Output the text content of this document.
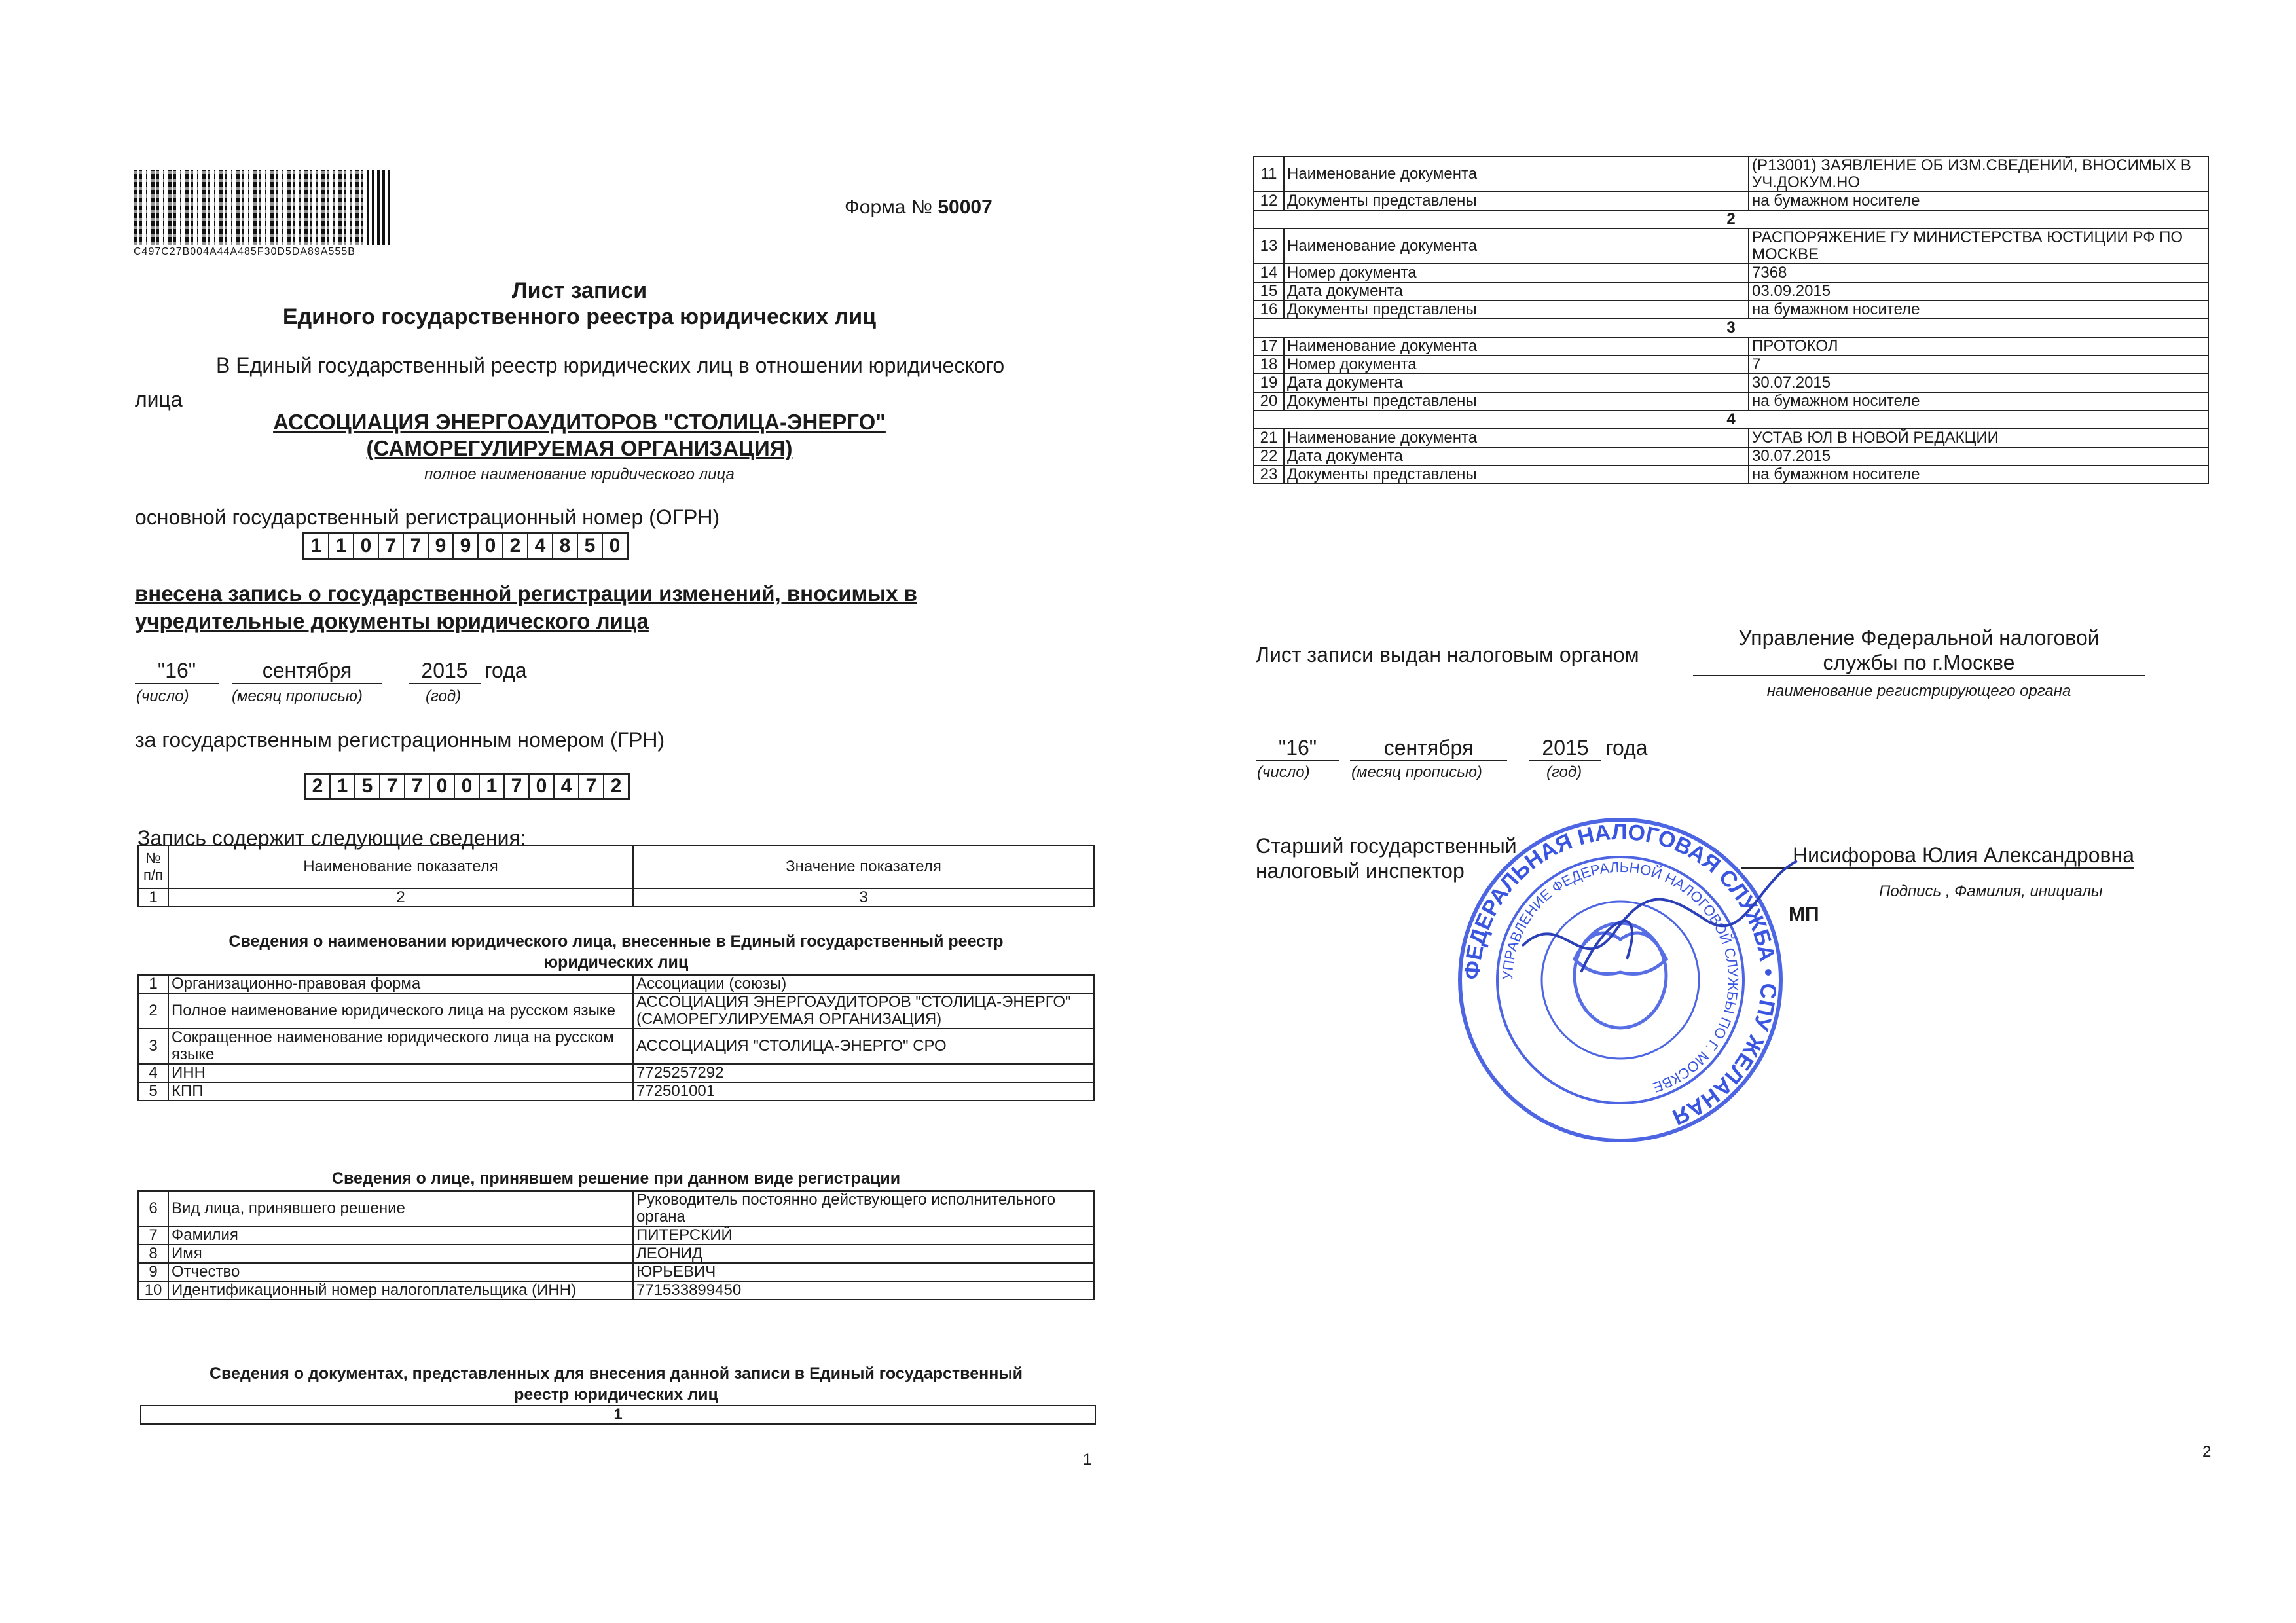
C497C27B004A44A485F30D5DA89A555B
Форма № 50007
Лист записи
Единого государственного реестра юридических лиц
В Единый государственный реестр юридических лиц в отношении юридического
лица
АССОЦИАЦИЯ ЭНЕРГОАУДИТОРОВ "СТОЛИЦА-ЭНЕРГО"
(САМОРЕГУЛИРУЕМАЯ ОРГАНИЗАЦИЯ)
полное наименование юридического лица
основной государственный регистрационный номер (ОГРН)
1 1 0 7 7 9 9 0 2 4 8 5 0
внесена запись о государственной регистрации изменений, вносимых в
учредительные документы юридического лица
"16"	сентября	2015 года
(число)	(месяц прописью)	(год)
за государственным регистрационным номером (ГРН)
2 1 5 7 7 0 0 1 7 0 4 7 2
Запись содержит следующие сведения:
№ п/п	Наименование показателя	Значение показателя
1	2	3
Сведения о наименовании юридического лица, внесенные в Единый государственный реестр
юридических лиц
1	Организационно-правовая форма	Ассоциации (союзы)
2	Полное наименование юридического лица на русском языке	АССОЦИАЦИЯ ЭНЕРГОАУДИТОРОВ "СТОЛИЦА-ЭНЕРГО" (САМОРЕГУЛИРУЕМАЯ ОРГАНИЗАЦИЯ)
3	Сокращенное наименование юридического лица на русском языке	АССОЦИАЦИЯ "СТОЛИЦА-ЭНЕРГО" СРО
4	ИНН	7725257292
5	КПП	772501001
Сведения о лице, принявшем решение при данном виде регистрации
6	Вид лица, принявшего решение	Руководитель постоянно действующего исполнительного органа
7	Фамилия	ПИТЕРСКИЙ
8	Имя	ЛЕОНИД
9	Отчество	ЮРЬЕВИЧ
10	Идентификационный номер налогоплательщика (ИНН)	771533899450
Сведения о документах, представленных для внесения данной записи в Единый государственный
реестр юридических лиц
1
1
11	Наименование документа	(Р13001) ЗАЯВЛЕНИЕ ОБ ИЗМ.СВЕДЕНИЙ, ВНОСИМЫХ В УЧ.ДОКУМ.НО
12	Документы представлены	на бумажном носителе
2		
13	Наименование документа	РАСПОРЯЖЕНИЕ ГУ МИНИСТЕРСТВА ЮСТИЦИИ РФ ПО МОСКВЕ
14	Номер документа	7368
15	Дата документа	03.09.2015
16	Документы представлены	на бумажном носителе
3		
17	Наименование документа	ПРОТОКОЛ
18	Номер документа	7
19	Дата документа	30.07.2015
20	Документы представлены	на бумажном носителе
4		
21	Наименование документа	УСТАВ ЮЛ В НОВОЙ РЕДАКЦИИ
22	Дата документа	30.07.2015
23	Документы представлены	на бумажном носителе
Лист записи выдан налоговым органом
Управление Федеральной налоговой
службы по г.Москве
наименование регистрирующего органа
"16"	сентября	2015 года
(число)	(месяц прописью)	(год)
Старший государственный
налоговый инспектор
Нисифорова Юлия Александровна
Подпись , Фамилия, инициалы
ФЕДЕРАЛЬНАЯ НАЛОГОВАЯ СЛУЖБА • СПУ ЖЕЛАНАЯ
УПРАВЛЕНИЕ ФЕДЕРАЛЬНОЙ НАЛОГОВОЙ СЛУЖБЫ ПО Г. МОСКВЕ
МП
2
